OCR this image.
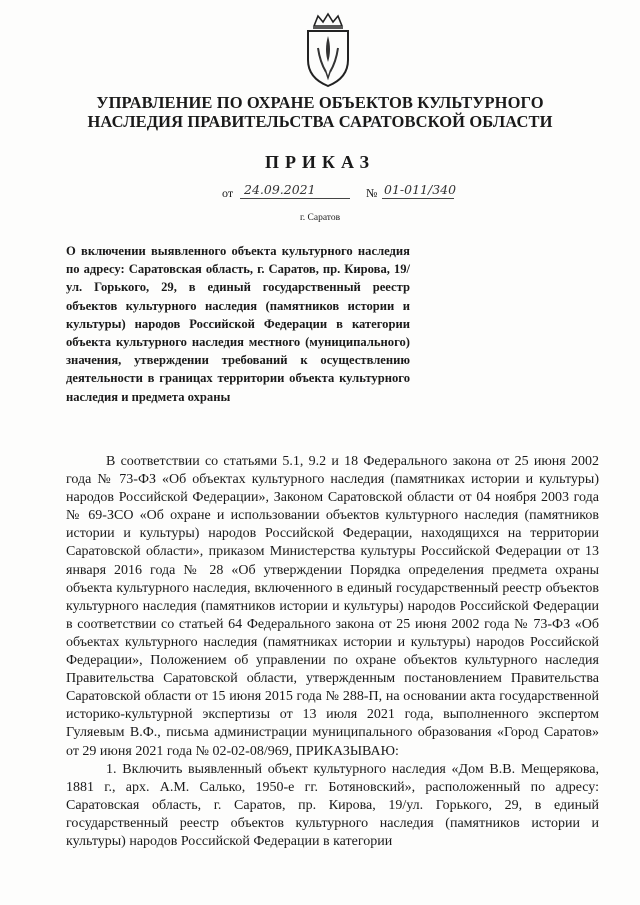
УПРАВЛЕНИЕ ПО ОХРАНЕ ОБЪЕКТОВ КУЛЬТУРНОГО
НАСЛЕДИЯ ПРАВИТЕЛЬСТВА САРАТОВСКОЙ ОБЛАСТИ
ПРИКАЗ
от 24.09.2021	№ 01-011/340
г. Саратов
О включении выявленного объекта культурного наследия по адресу: Саратовская область, г. Саратов, пр. Кирова, 19/ул. Горького, 29, в единый государственный реестр объектов культурного наследия (памятников истории и культуры) народов Российской Федерации в категории объекта культурного наследия местного (муниципального) значения, утверждении требований к осуществлению деятельности в границах территории объекта культурного наследия и предмета охраны

В соответствии со статьями 5.1, 9.2 и 18 Федерального закона от 25 июня 2002 года № 73-ФЗ «Об объектах культурного наследия (памятниках истории и культуры) народов Российской Федерации», Законом Саратовской области от 04 ноября 2003 года № 69-ЗСО «Об охране и использовании объектов культурного наследия (памятников истории и культуры) народов Российской Федерации, находящихся на территории Саратовской области», приказом Министерства культуры Российской Федерации от 13 января 2016 года № 28 «Об утверждении Порядка определения предмета охраны объекта культурного наследия, включенного в единый государственный реестр объектов культурного наследия (памятников истории и культуры) народов Российской Федерации в соответствии со статьей 64 Федерального закона от 25 июня 2002 года № 73-ФЗ «Об объектах культурного наследия (памятниках истории и культуры) народов Российской Федерации», Положением об управлении по охране объектов культурного наследия Правительства Саратовской области, утвержденным постановлением Правительства Саратовской области от 15 июня 2015 года № 288-П, на основании акта государственной историко-культурной экспертизы от 13 июля 2021 года, выполненного экспертом Гуляевым В.Ф., письма администрации муниципального образования «Город Саратов» от 29 июня 2021 года № 02-02-08/969, ПРИКАЗЫВАЮ:

1. Включить выявленный объект культурного наследия «Дом В.В. Мещерякова, 1881 г., арх. А.М. Салько, 1950-е гг. Ботяновский», расположенный по адресу: Саратовская область, г. Саратов, пр. Кирова, 19/ул. Горького, 29, в единый государственный реестр объектов культурного наследия (памятников истории и культуры) народов Российской Федерации в категории
